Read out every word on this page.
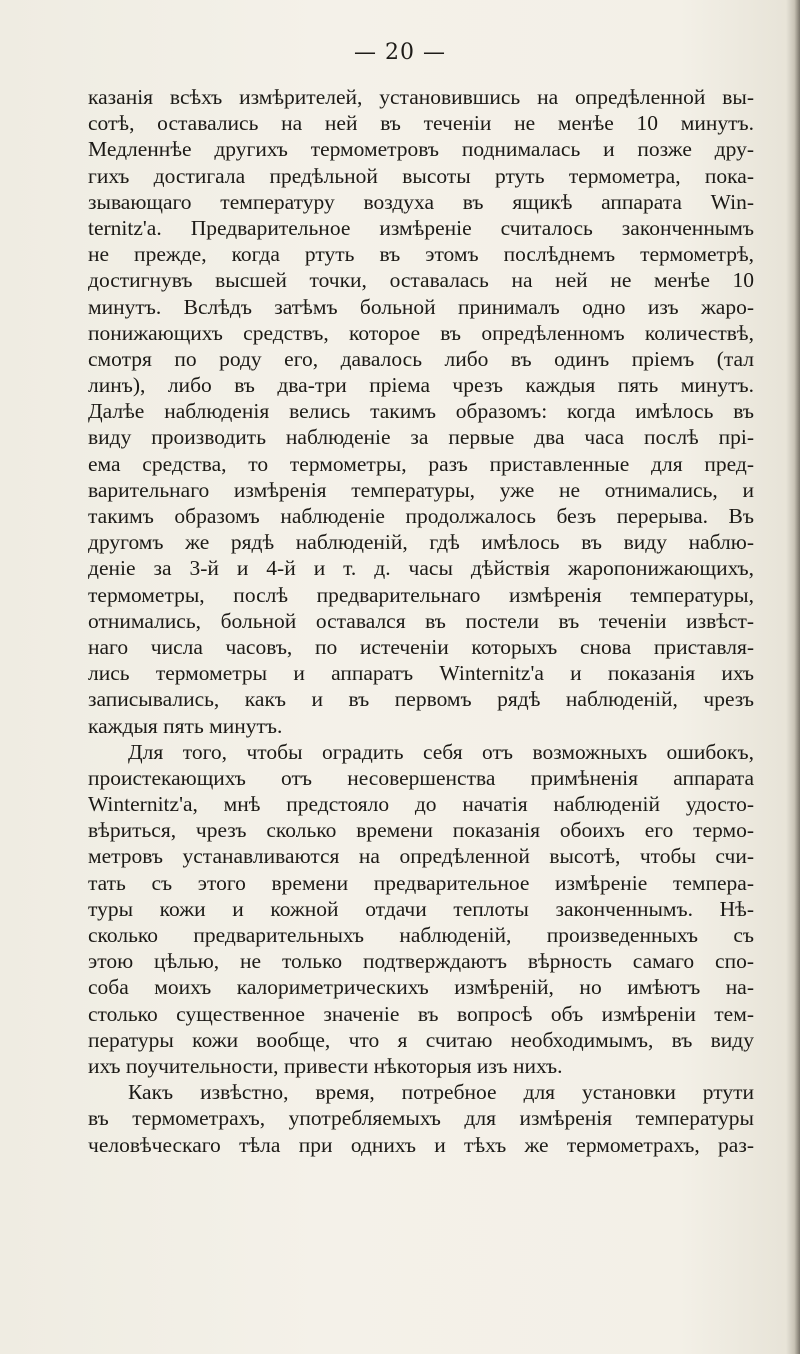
— 20 —
казанія всѣхъ измѣрителей, установившись на опредѣленной вы-
сотѣ, оставались на ней въ теченіи не менѣе 10 минутъ.
Медленнѣе другихъ термометровъ поднималась и позже дру-
гихъ достигала предѣльной высоты ртуть термометра, пока-
зывающаго температуру воздуха въ ящикѣ аппарата Win-
ternitz'a. Предварительное измѣреніе считалось законченнымъ
не прежде, когда ртуть въ этомъ послѣднемъ термометрѣ,
достигнувъ высшей точки, оставалась на ней не менѣе 10
минутъ. Вслѣдъ затѣмъ больной принималъ одно изъ жаро-
понижающихъ средствъ, которое въ опредѣленномъ количествѣ,
смотря по роду его, давалось либо въ одинъ пріемъ (тал
линъ), либо въ два-три пріема чрезъ каждыя пять минутъ.
Далѣе наблюденія велись такимъ образомъ: когда имѣлось въ
виду производить наблюденіе за первые два часа послѣ прі-
ема средства, то термометры, разъ приставленные для пред-
варительнаго измѣренія температуры, уже не отнимались, и
такимъ образомъ наблюденіе продолжалось безъ перерыва. Въ
другомъ же рядѣ наблюденій, гдѣ имѣлось въ виду наблю-
деніе за 3-й и 4-й и т. д. часы дѣйствія жаропонижающихъ,
термометры, послѣ предварительнаго измѣренія температуры,
отнимались, больной оставался въ постели въ теченіи извѣст-
наго числа часовъ, по истеченіи которыхъ снова приставля-
лись термометры и аппаратъ Winternitz'a и показанія ихъ
записывались, какъ и въ первомъ рядѣ наблюденій, чрезъ
каждыя пять минутъ.
Для того, чтобы оградить себя отъ возможныхъ ошибокъ,
проистекающихъ отъ несовершенства примѣненія аппарата
Winternitz'a, мнѣ предстояло до начатія наблюденій удосто-
вѣриться, чрезъ сколько времени показанія обоихъ его термо-
метровъ устанавливаются на опредѣленной высотѣ, чтобы счи-
тать съ этого времени предварительное измѣреніе темпера-
туры кожи и кожной отдачи теплоты законченнымъ. Нѣ-
сколько предварительныхъ наблюденій, произведенныхъ съ
этою цѣлью, не только подтверждаютъ вѣрность самаго спо-
соба моихъ калориметрическихъ измѣреній, но имѣютъ на-
столько существенное значеніе въ вопросѣ объ измѣреніи тем-
пературы кожи вообще, что я считаю необходимымъ, въ виду
ихъ поучительности, привести нѣкоторыя изъ нихъ.
Какъ извѣстно, время, потребное для установки ртути
въ термометрахъ, употребляемыхъ для измѣренія температуры
человѣческаго тѣла при однихъ и тѣхъ же термометрахъ, раз-
